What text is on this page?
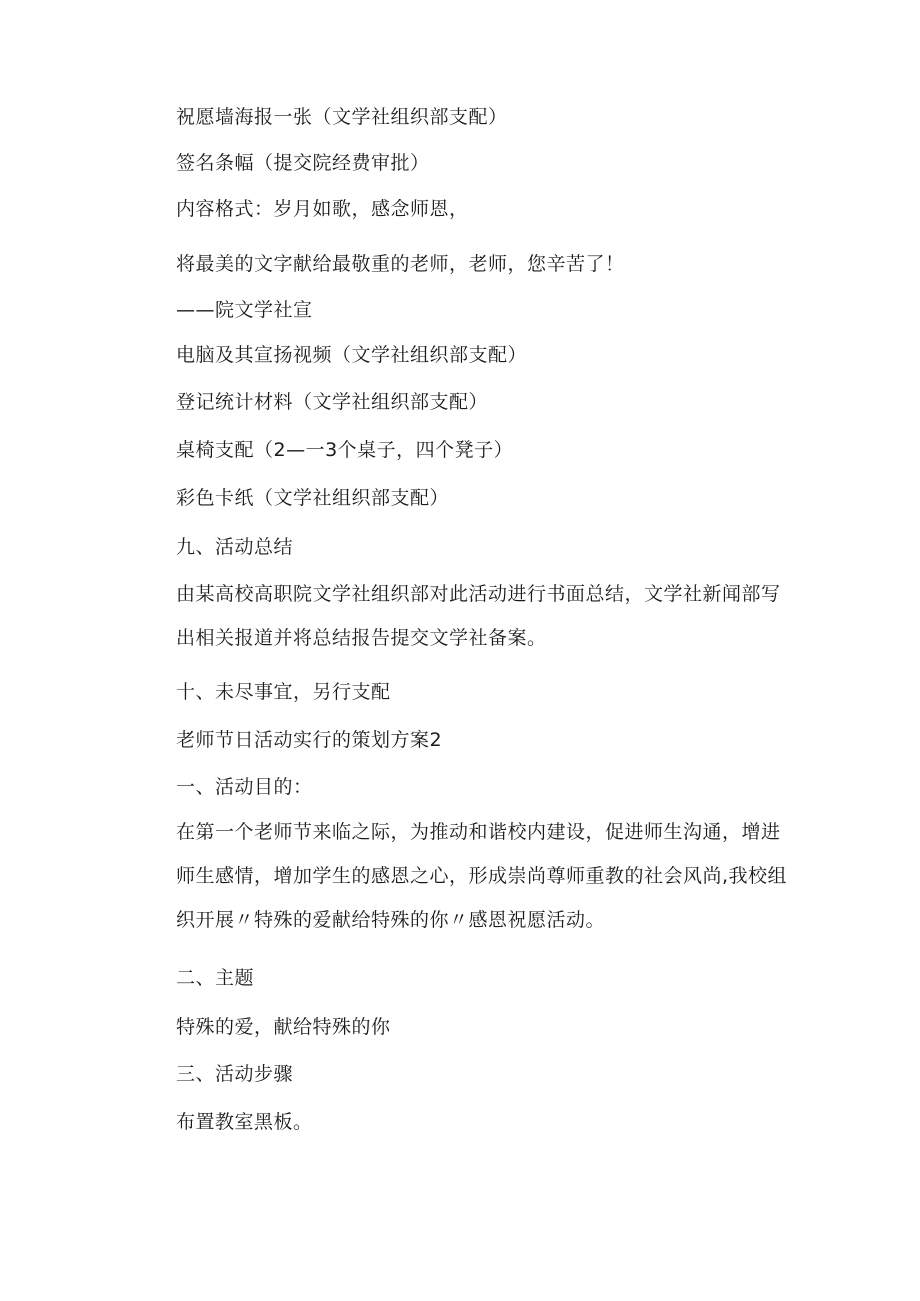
祝愿墙海报一张（文学社组织部支配）
签名条幅（提交院经费审批）
内容格式：岁月如歌，感念师恩，
将最美的文字献给最敬重的老师，老师，您辛苦了！
——院文学社宣
电脑及其宣扬视频（文学社组织部支配）
登记统计材料（文学社组织部支配）
桌椅支配（2—一3个桌子，四个凳子）
彩色卡纸（文学社组织部支配）
九、活动总结
由某高校高职院文学社组织部对此活动进行书面总结，文学社新闻部写出相关报道并将总结报告提交文学社备案。
十、未尽事宜，另行支配
老师节日活动实行的策划方案2
一、活动目的：
在第一个老师节来临之际，为推动和谐校内建设，促进师生沟通，增进师生感情，增加学生的感恩之心，形成崇尚尊师重教的社会风尚,我校组织开展〃特殊的爱献给特殊的你〃感恩祝愿活动。
二、主题
特殊的爱，献给特殊的你
三、活动步骤
布置教室黑板。
